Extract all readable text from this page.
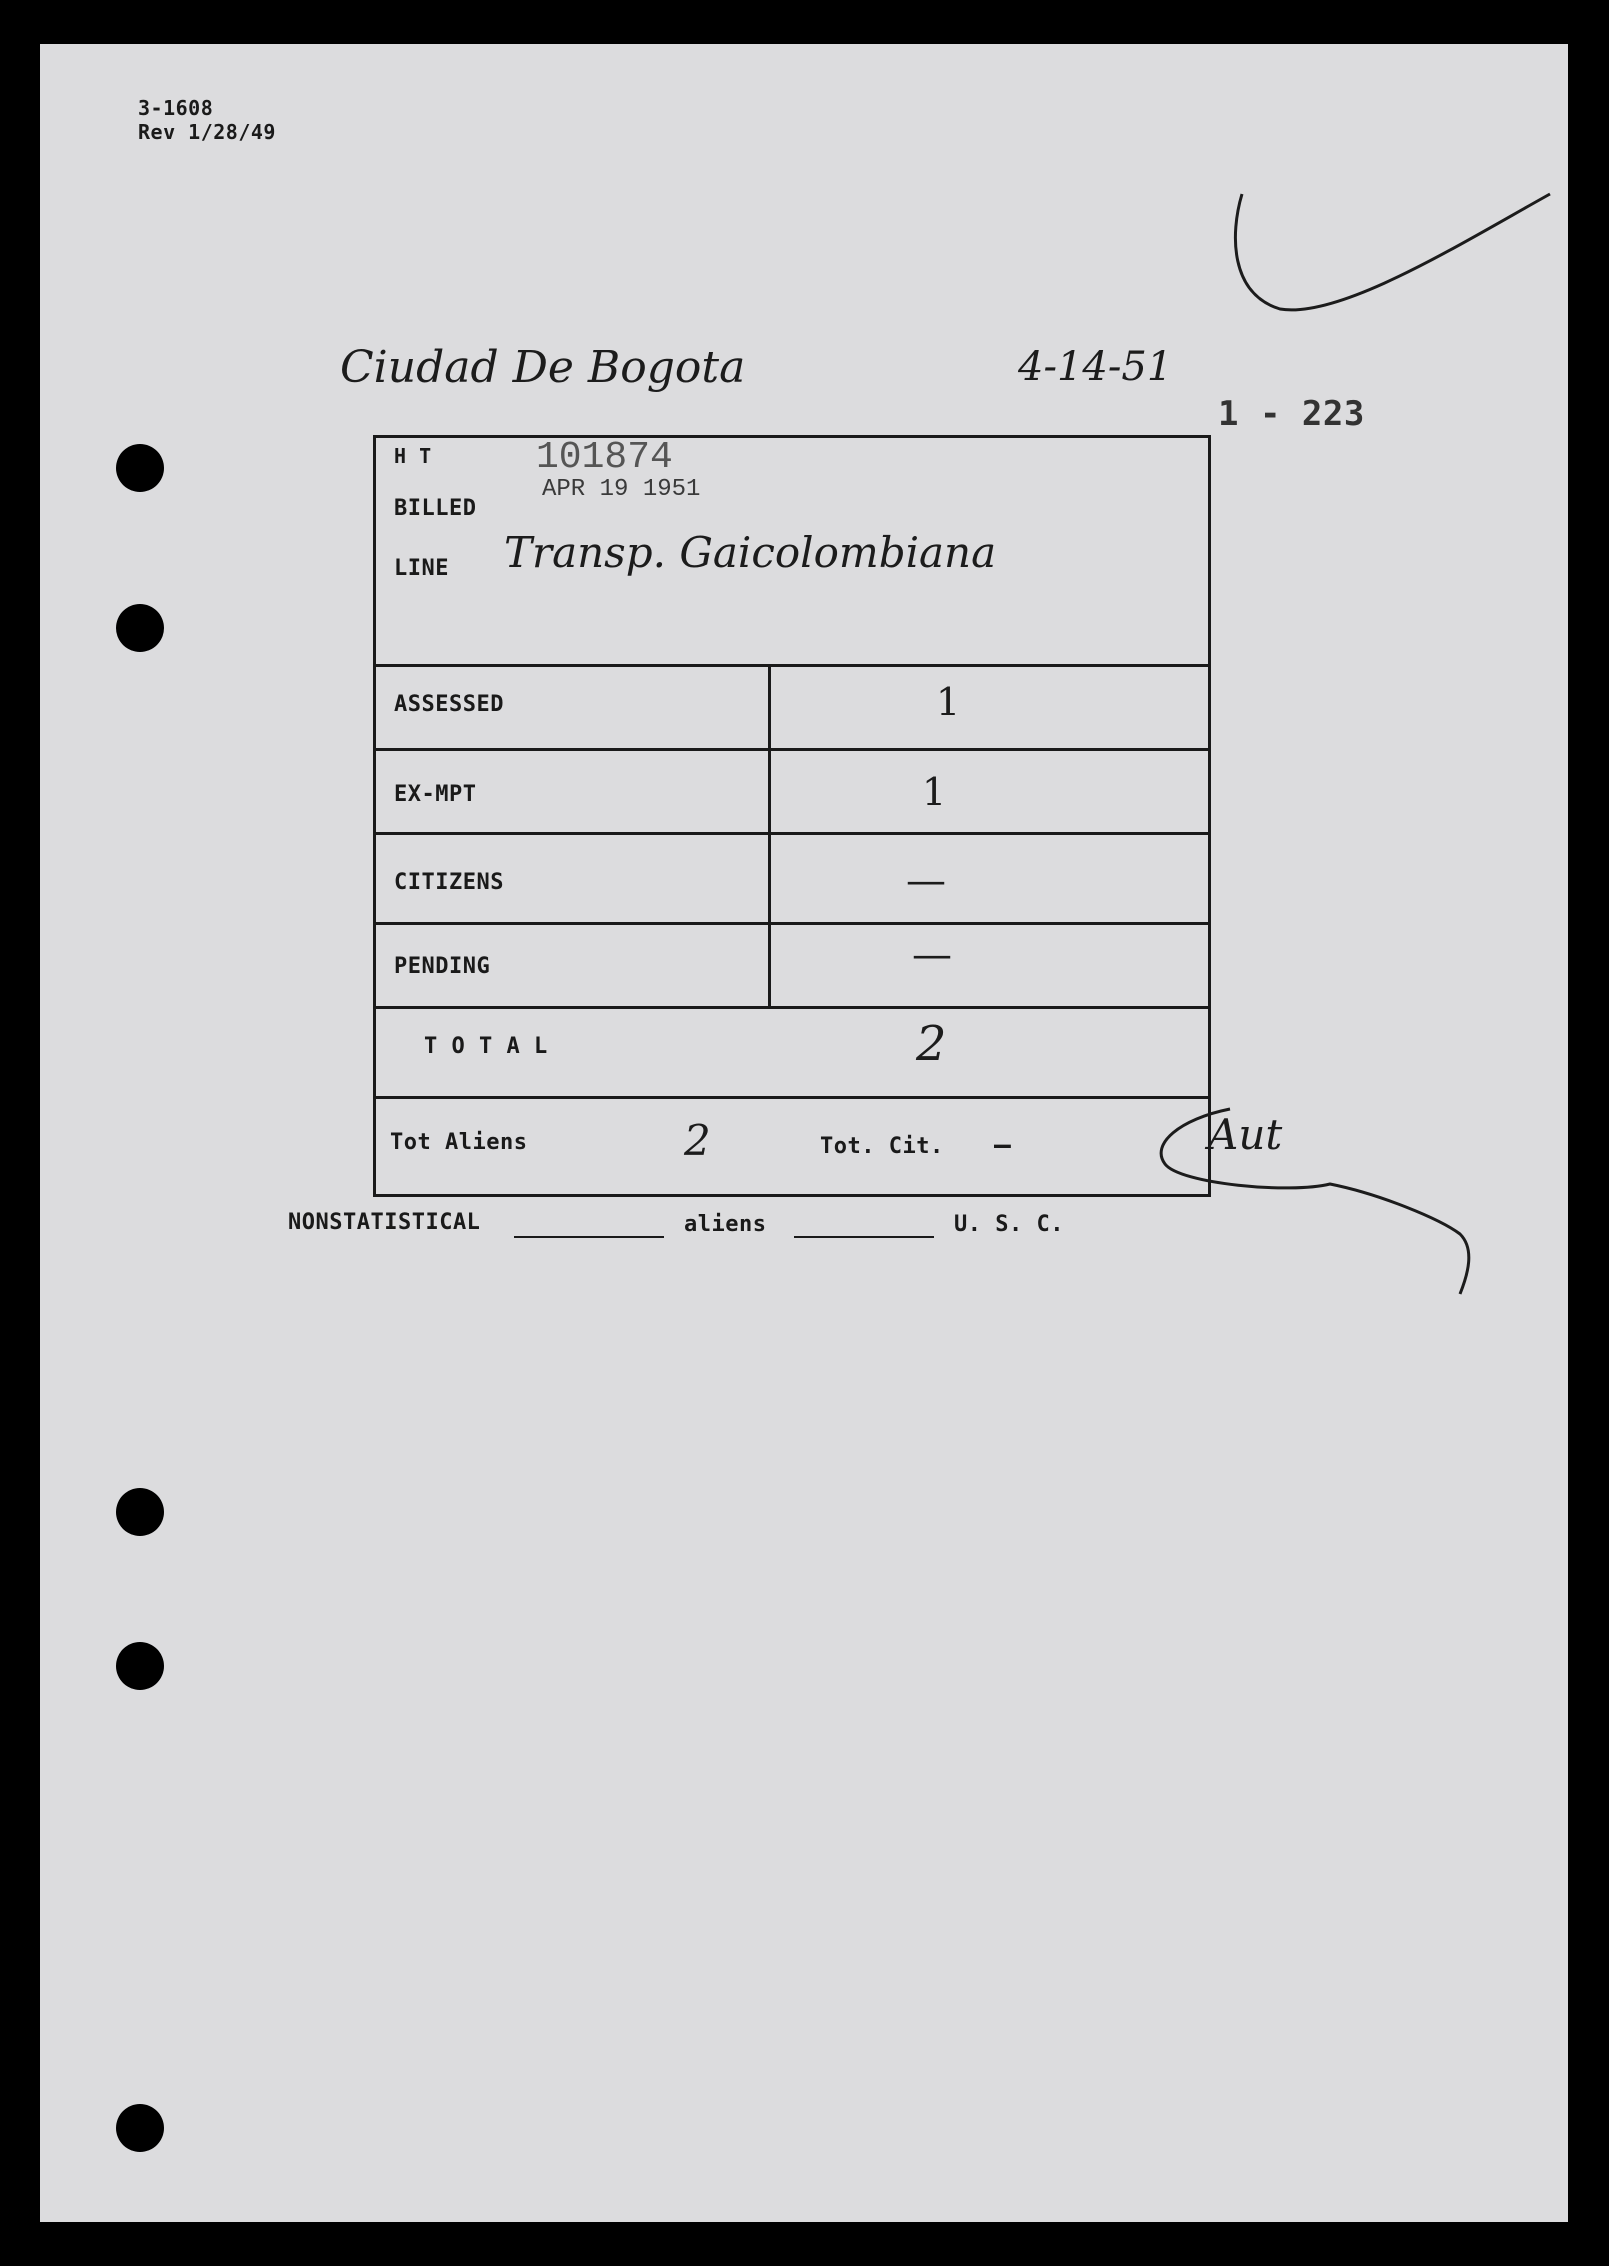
3-1608
Rev 1/28/49
Ciudad De Bogota	4-14-51
1 - 223
H T	101874
APR 19 1951
BILLED
LINE Transp. Gaicolombiana
ASSESSED	1
EX-MPT	1
CITIZENS	—
PENDING	—
T O T A L	2
Tot Aliens	2	Tot. Cit. —	Aut
NONSTATISTICAL	aliens	U. S. C.
